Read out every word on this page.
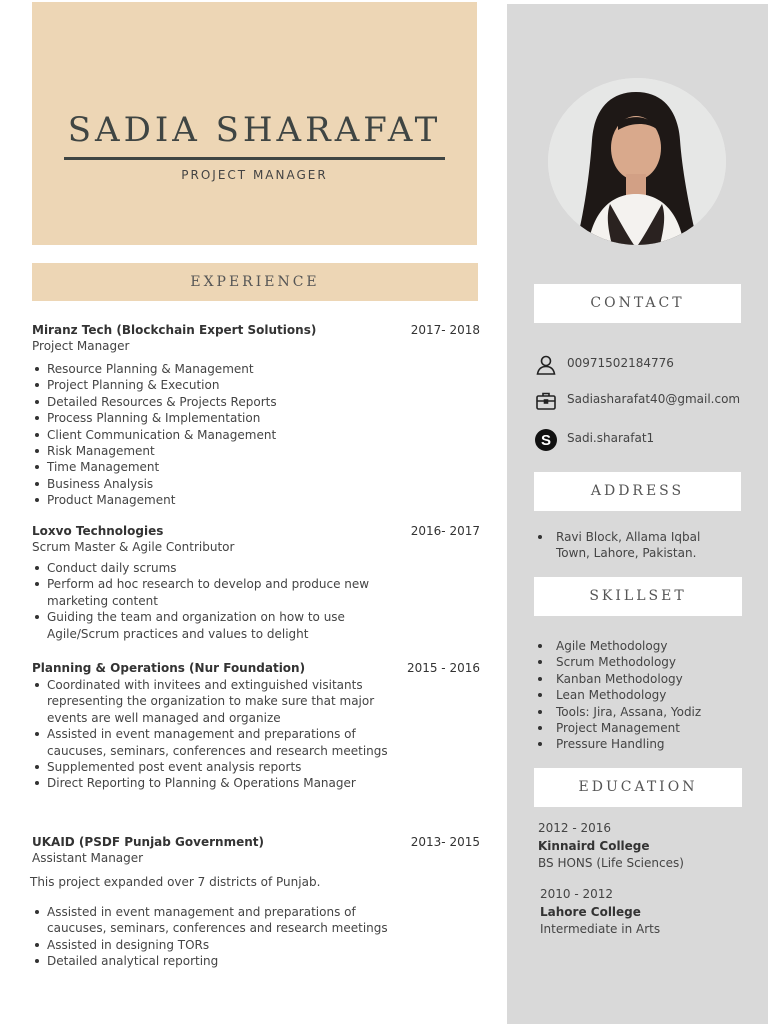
SADIA SHARAFAT
PROJECT MANAGER
EXPERIENCE
Miranz Tech (Blockchain Expert Solutions)	2017- 2018
Project Manager
Resource Planning & Management
Project Planning & Execution
Detailed Resources & Projects Reports
Process Planning & Implementation
Client Communication & Management
Risk Management
Time Management
Business Analysis
Product Management
Loxvo Technologies	2016- 2017
Scrum Master & Agile Contributor
Conduct daily scrums
Perform ad hoc research to develop and produce new marketing content
Guiding the team and organization on how to use Agile/Scrum practices and values to delight
Planning & Operations (Nur Foundation)	2015 - 2016
Coordinated with invitees and extinguished visitants representing the organization to make sure that major events are well managed and organize
Assisted in event management and preparations of caucuses, seminars, conferences and research meetings
Supplemented post event analysis reports
Direct Reporting to Planning & Operations Manager
UKAID (PSDF Punjab Government)	2013- 2015
Assistant Manager
This project expanded over 7 districts of Punjab.
Assisted in event management and preparations of caucuses, seminars, conferences and research meetings
Assisted in designing TORs
Detailed analytical reporting
CONTACT
00971502184776
Sadiasharafat40@gmail.com
S Sadi.sharafat1
ADDRESS
Ravi Block, Allama Iqbal Town, Lahore, Pakistan.
SKILLSET
Agile Methodology
Scrum Methodology
Kanban Methodology
Lean Methodology
Tools: Jira, Assana, Yodiz
Project Management
Pressure Handling
EDUCATION
2012 - 2016
Kinnaird College
BS HONS (Life Sciences)
2010 - 2012
Lahore College
Intermediate in Arts
